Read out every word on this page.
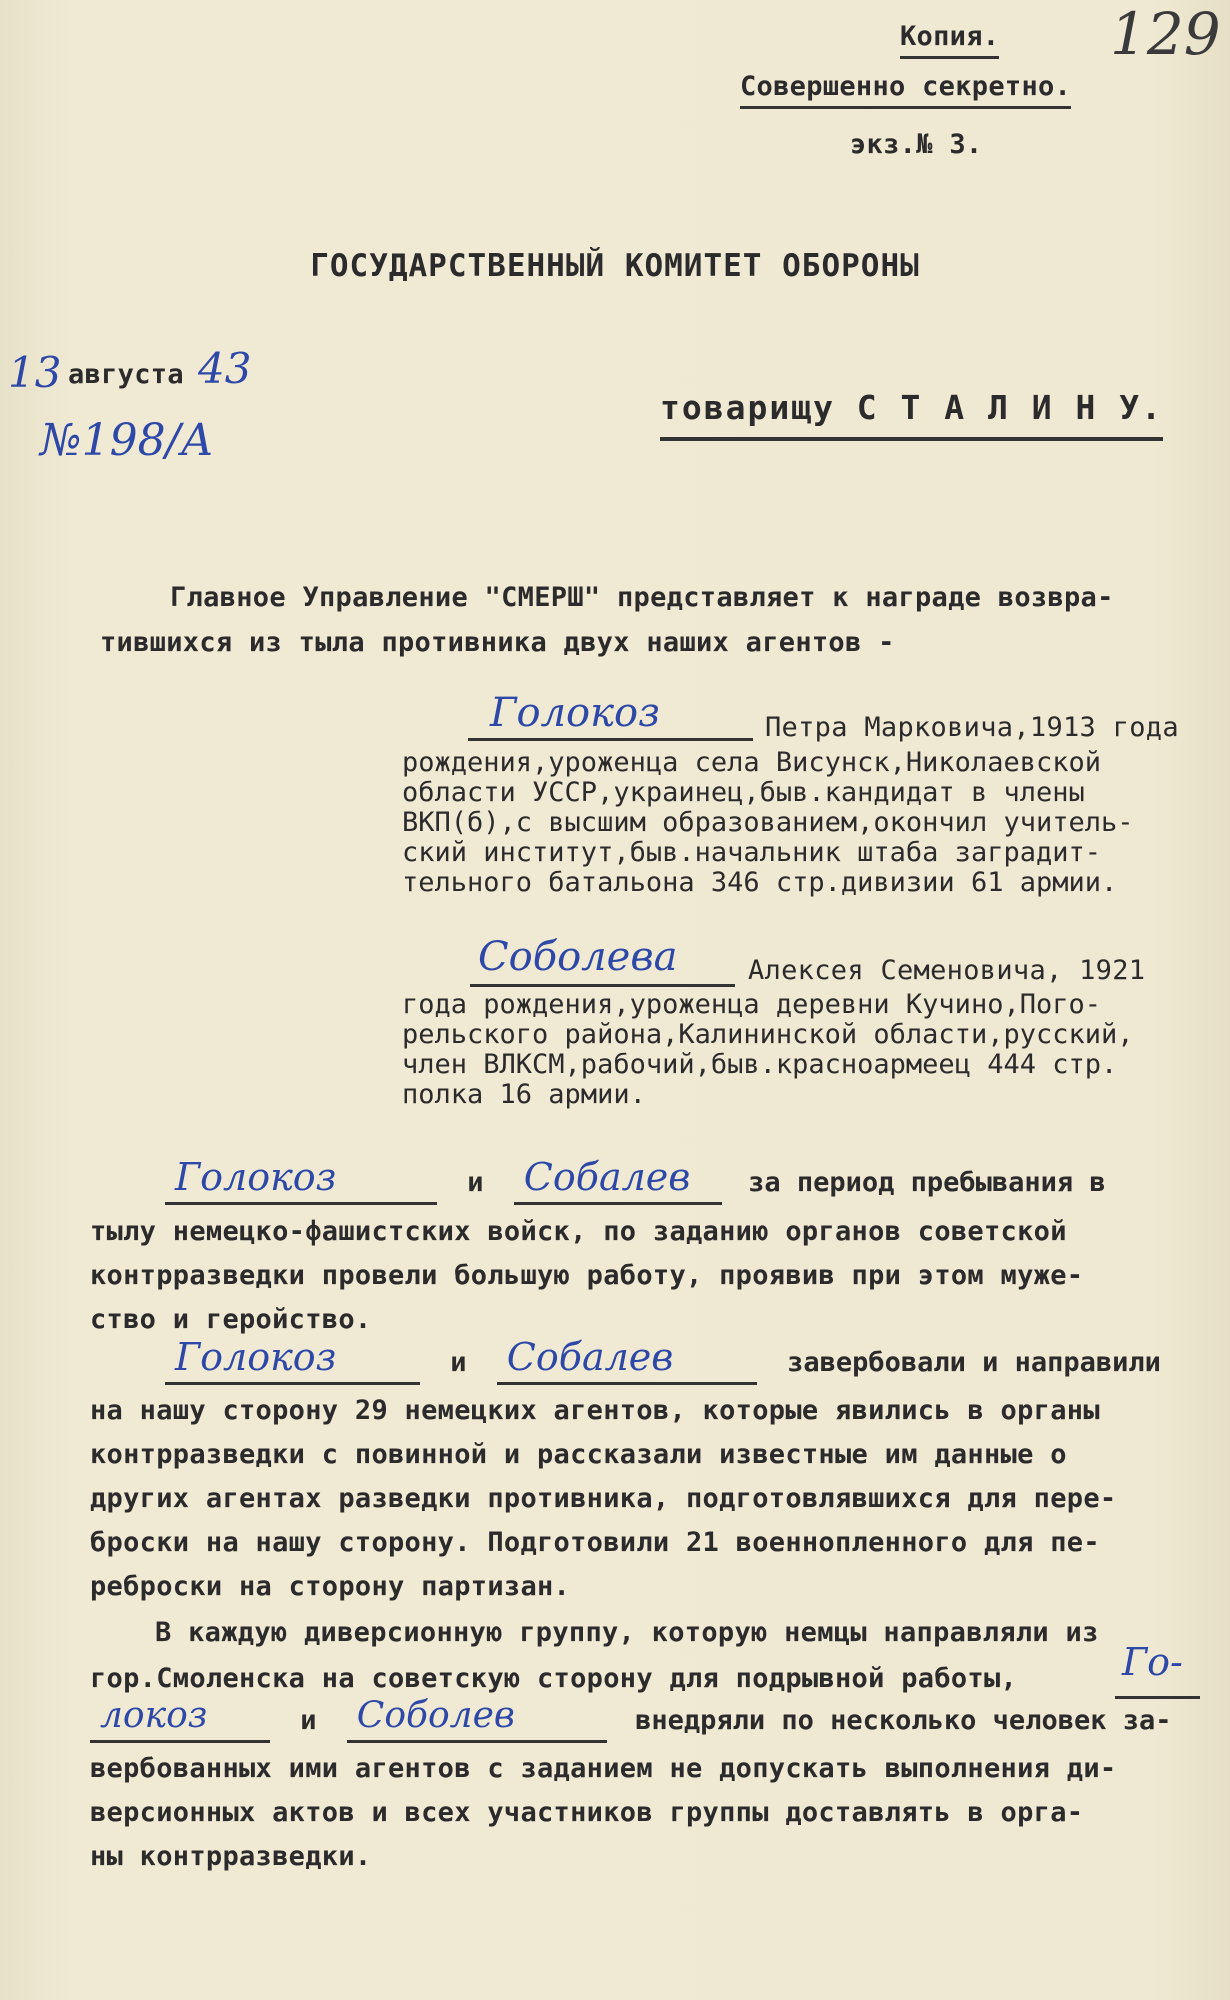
Копия.
Совершенно секретно.
экз.№ 3.
129
ГОСУДАРСТВЕННЫЙ КОМИТЕТ ОБОРОНЫ
13 августа 43
№198/А
товарищу С Т А Л И Н У.
Главное Управление "СМЕРШ" представляет к награде возвра-
тившихся из тыла противника двух наших агентов -
Голокоз	Петра Марковича,1913 года

рождения,уроженца села Висунск,Николаевской

области УССР,украинец,быв.кандидат в члены

ВКП(б),с высшим образованием,окончил учитель-

ский институт,быв.начальник штаба заградит-

тельного батальона 346 стр.дивизии 61 армии.

Соболева	Алексея Семеновича, 1921

года рождения,уроженца деревни Кучино,Пого-

рельского района,Калининской области,русский,

член ВЛКСМ,рабочий,быв.красноармеец 444 стр.

полка 16 армии.

Голокоз	и Собалев за период пребывания в
тылу немецко-фашистских войск, по заданию органов советской
контрразведки провели большую работу, проявив при этом муже-
ство и геройство.
Голокоз	и Собалев	завербовали и направили
на нашу сторону 29 немецких агентов, которые явились в органы
контрразведки с повинной и рассказали известные им данные о
других агентах разведки противника, подготовлявшихся для пере-
броски на нашу сторону. Подготовили 21 военнопленного для пе-
реброски на сторону партизан.
В каждую диверсионную группу, которую немцы направляли из
гор.Смоленска на советскую сторону для подрывной работы,	Го-
локоз	и Соболев	внедряли по несколько человек за-
вербованных ими агентов с заданием не допускать выполнения ди-
версионных актов и всех участников группы доставлять в орга-
ны контрразведки.
